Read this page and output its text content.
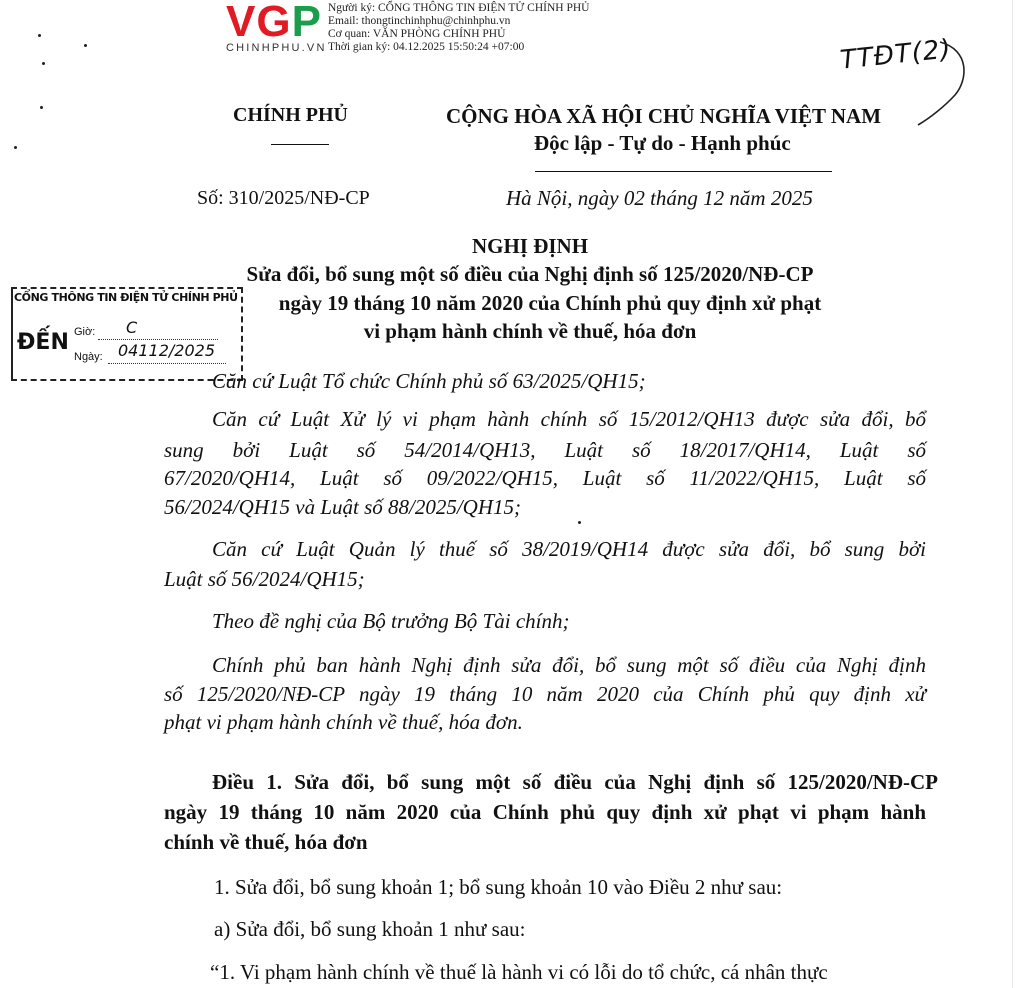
VGP
CHINHPHU.VN
Người ký: CỔNG THÔNG TIN ĐIỆN TỬ CHÍNH PHỦ
Email: thongtinchinhphu@chinhphu.vn
Cơ quan: VĂN PHÒNG CHÍNH PHỦ
Thời gian ký: 04.12.2025 15:50:24 +07:00	TTĐT(2)
CHÍNH PHỦ	CỘNG HÒA XÃ HỘI CHỦ NGHĨA VIỆT NAM
Độc lập - Tự do - Hạnh phúc
Số: 310/2025/NĐ-CP	Hà Nội, ngày 02 tháng 12 năm 2025
NGHỊ ĐỊNH
Sửa đổi, bổ sung một số điều của Nghị định số 125/2020/NĐ-CP
ngày 19 tháng 10 năm 2020 của Chính phủ quy định xử phạt
vi phạm hành chính về thuế, hóa đơn
CỔNG THÔNG TIN ĐIỆN TỬ CHÍNH PHỦ
ĐẾN Giờ: C
Ngày: 04112/2025
Căn cứ Luật Tổ chức Chính phủ số 63/2025/QH15;
Căn cứ Luật Xử lý vi phạm hành chính số 15/2012/QH13 được sửa đổi, bổ
sung bởi Luật số 54/2014/QH13, Luật số 18/2017/QH14, Luật số
67/2020/QH14, Luật số 09/2022/QH15, Luật số 11/2022/QH15, Luật số
56/2024/QH15 và Luật số 88/2025/QH15;
Căn cứ Luật Quản lý thuế số 38/2019/QH14 được sửa đổi, bổ sung bởi
Luật số 56/2024/QH15;
Theo đề nghị của Bộ trưởng Bộ Tài chính;
Chính phủ ban hành Nghị định sửa đổi, bổ sung một số điều của Nghị định
số 125/2020/NĐ-CP ngày 19 tháng 10 năm 2020 của Chính phủ quy định xử
phạt vi phạm hành chính về thuế, hóa đơn.
Điều 1. Sửa đổi, bổ sung một số điều của Nghị định số 125/2020/NĐ-CP
ngày 19 tháng 10 năm 2020 của Chính phủ quy định xử phạt vi phạm hành
chính về thuế, hóa đơn
1. Sửa đổi, bổ sung khoản 1; bổ sung khoản 10 vào Điều 2 như sau:
a) Sửa đổi, bổ sung khoản 1 như sau:
“1. Vi phạm hành chính về thuế là hành vi có lỗi do tổ chức, cá nhân thực
